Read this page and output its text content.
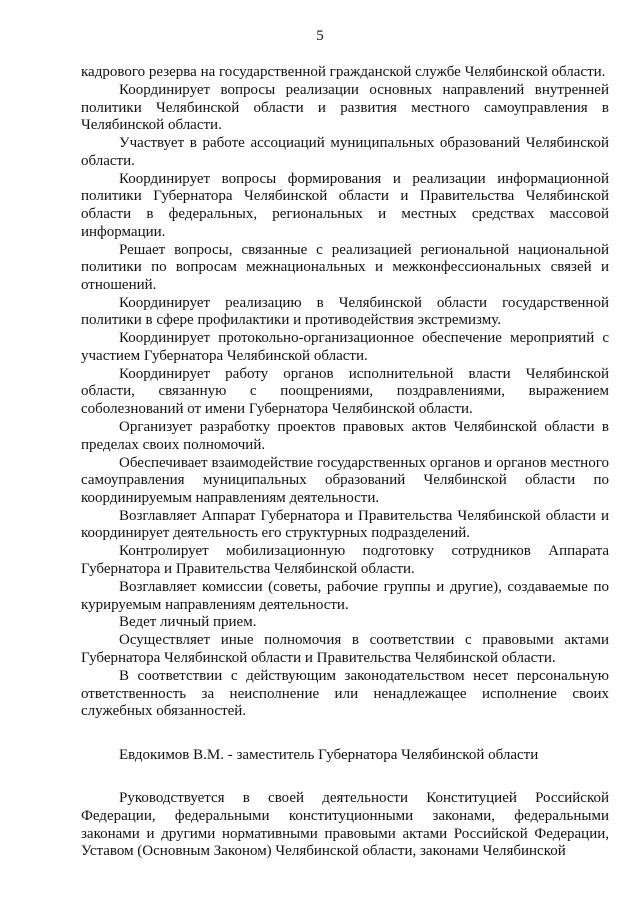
5

кадрового резерва на государственной гражданской службе Челябинской области.

Координирует вопросы реализации основных направлений внутренней политики Челябинской области и развития местного самоуправления в Челябинской области.

Участвует в работе ассоциаций муниципальных образований Челябинской области.

Координирует вопросы формирования и реализации информационной политики Губернатора Челябинской области и Правительства Челябинской области в федеральных, региональных и местных средствах массовой информации.

Решает вопросы, связанные с реализацией региональной национальной политики по вопросам межнациональных и межконфессиональных связей и отношений.

Координирует реализацию в Челябинской области государственной политики в сфере профилактики и противодействия экстремизму.

Координирует протокольно-организационное обеспечение мероприятий с участием Губернатора Челябинской области.

Координирует работу органов исполнительной власти Челябинской области, связанную с поощрениями, поздравлениями, выражением соболезнований от имени Губернатора Челябинской области.

Организует разработку проектов правовых актов Челябинской области в пределах своих полномочий.

Обеспечивает взаимодействие государственных органов и органов местного самоуправления муниципальных образований Челябинской области по координируемым направлениям деятельности.

Возглавляет Аппарат Губернатора и Правительства Челябинской области и координирует деятельность его структурных подразделений.

Контролирует мобилизационную подготовку сотрудников Аппарата Губернатора и Правительства Челябинской области.

Возглавляет комиссии (советы, рабочие группы и другие), создаваемые по курируемым направлениям деятельности.

Ведет личный прием.

Осуществляет иные полномочия в соответствии с правовыми актами Губернатора Челябинской области и Правительства Челябинской области.

В соответствии с действующим законодательством несет персональную ответственность за неисполнение или ненадлежащее исполнение своих служебных обязанностей.

Евдокимов В.М. - заместитель Губернатора Челябинской области

Руководствуется в своей деятельности Конституцией Российской Федерации, федеральными конституционными законами, федеральными законами и другими нормативными правовыми актами Российской Федерации, Уставом (Основным Законом) Челябинской области, законами Челябинской
